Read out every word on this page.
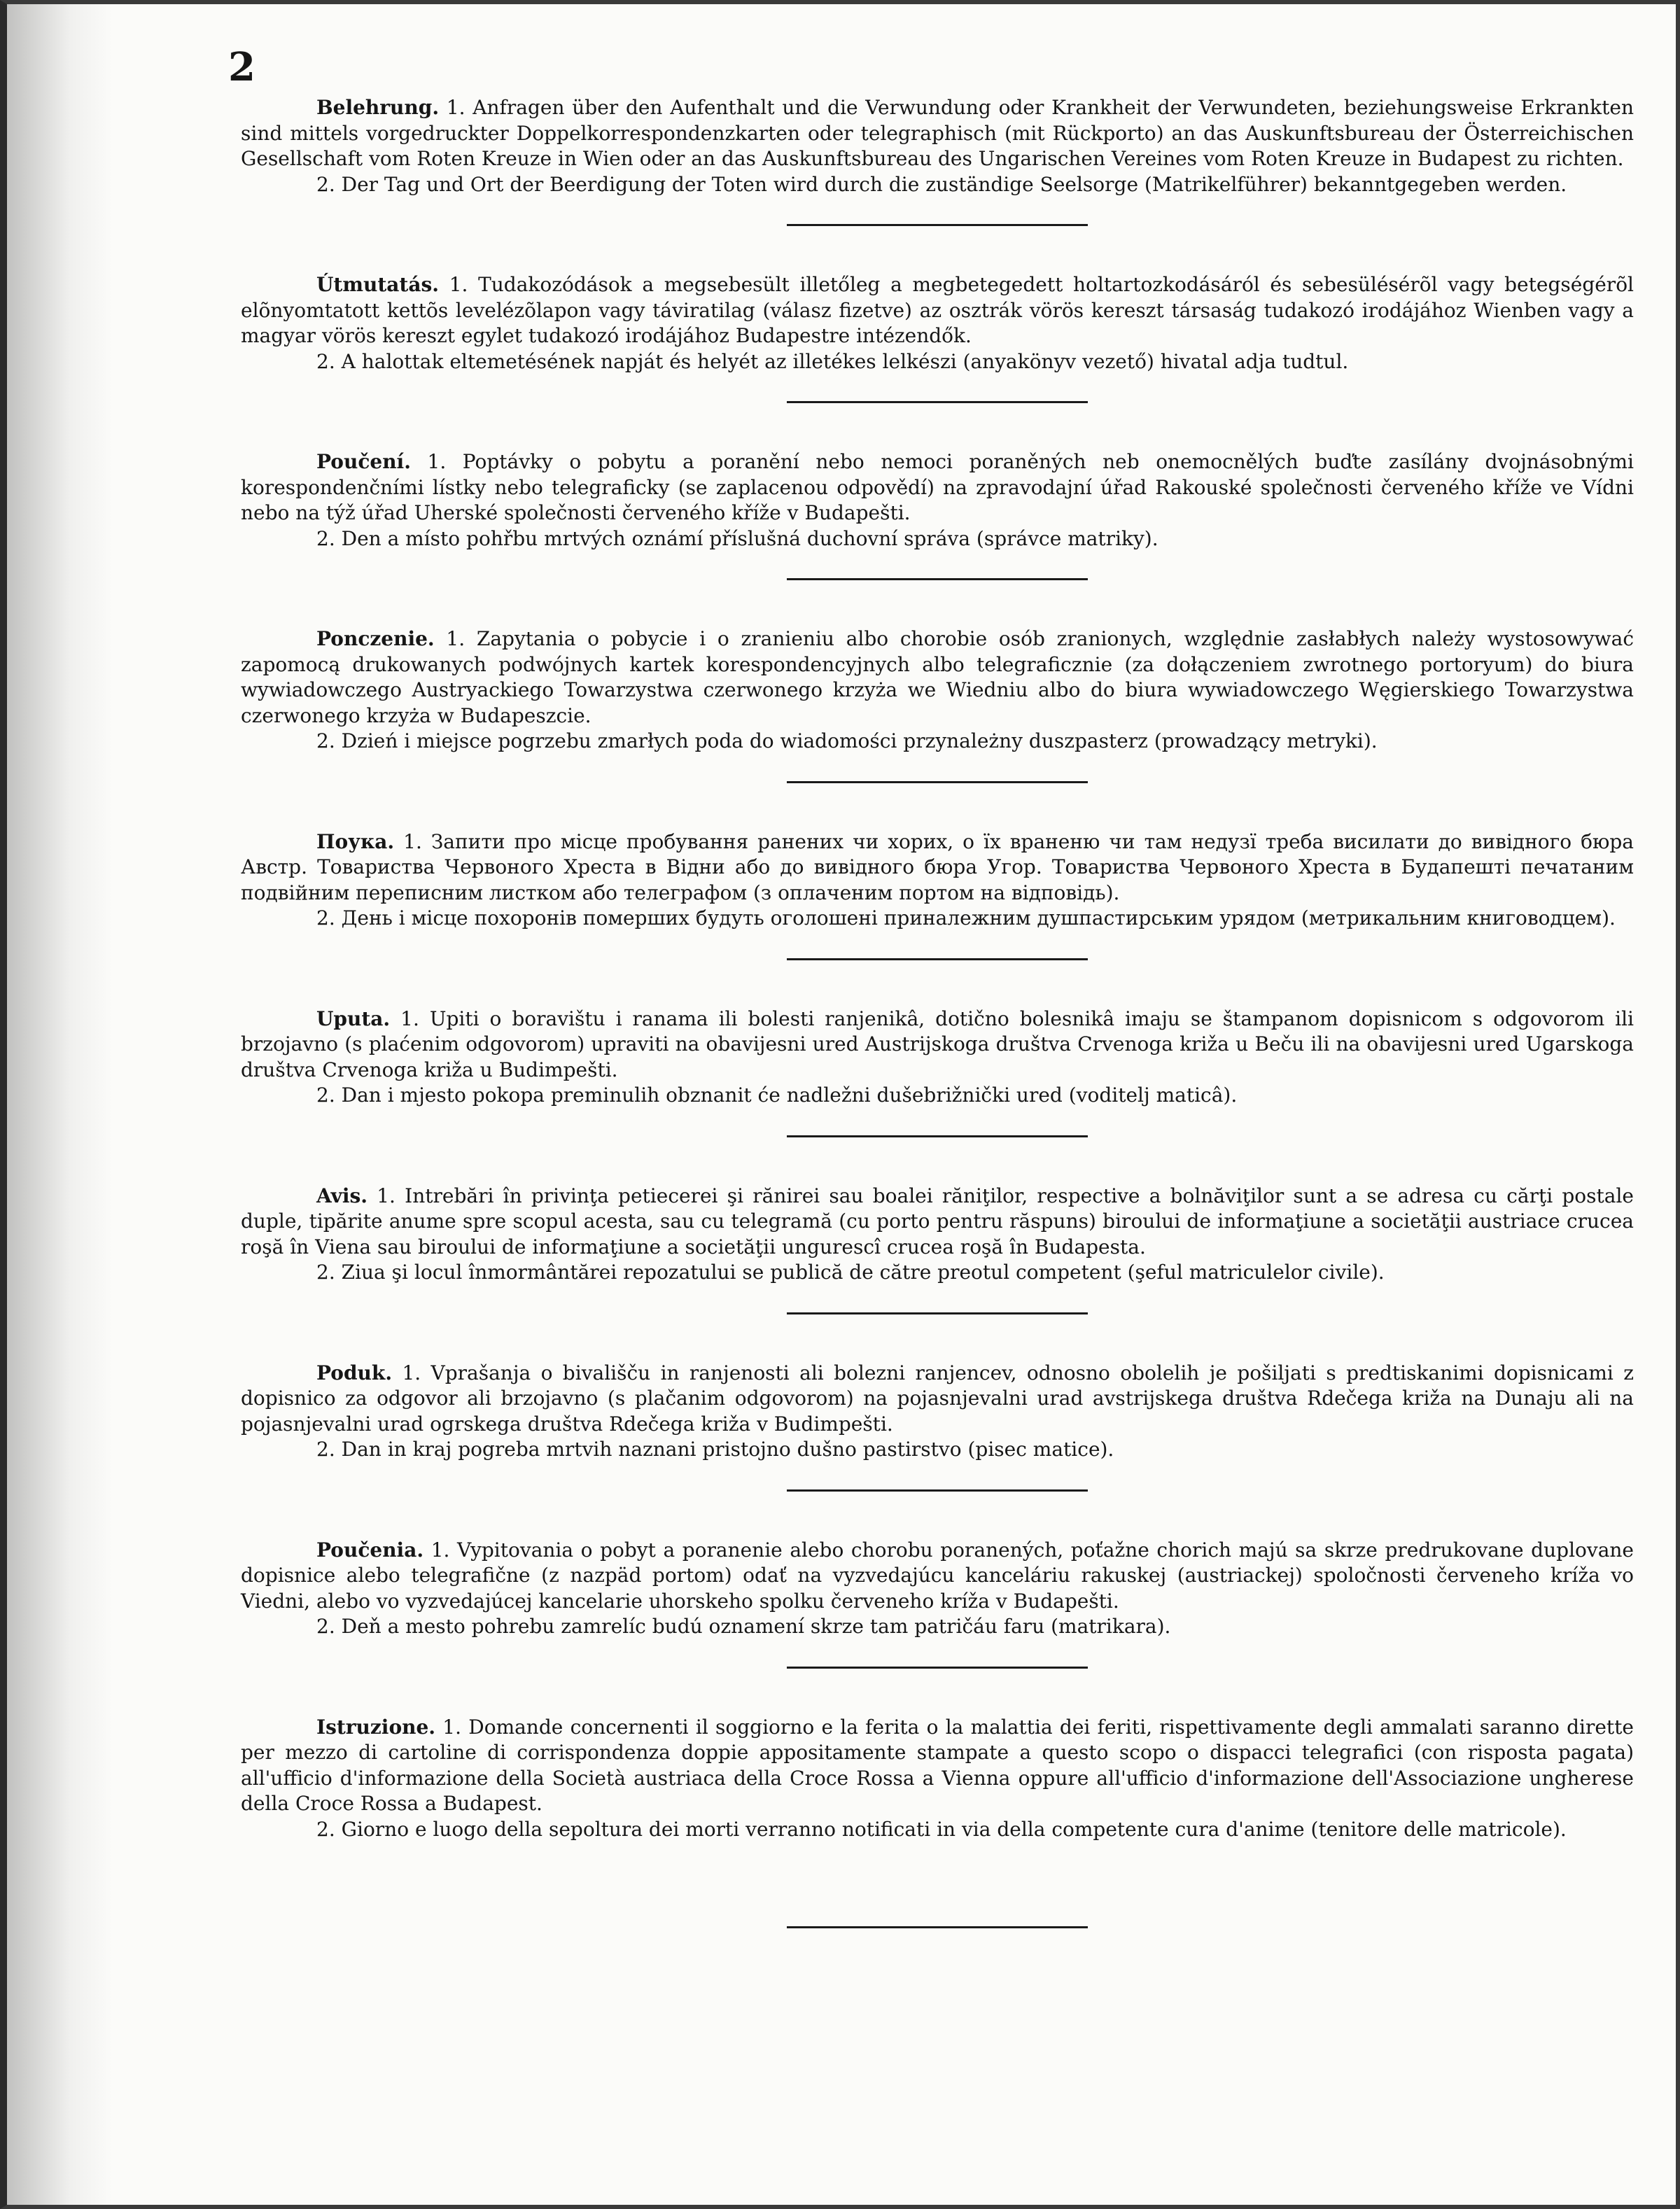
2

Belehrung. 1. Anfragen über den Aufenthalt und die Verwundung oder Krankheit der Verwundeten, beziehungsweise Erkrankten sind mittels vorgedruckter Doppelkorrespondenzkarten oder telegraphisch (mit Rückporto) an das Auskunftsbureau der Österreichischen Gesellschaft vom Roten Kreuze in Wien oder an das Auskunftsbureau des Ungarischen Vereines vom Roten Kreuze in Budapest zu richten.

2. Der Tag und Ort der Beerdigung der Toten wird durch die zuständige Seelsorge (Matrikelführer) bekanntgegeben werden.

Útmutatás. 1. Tudakozódások a megsebesült illetőleg a megbetegedett holtartozkodásáról és sebesülésérõl vagy betegségérõl elõnyomtatott kettõs levelézõlapon vagy táviratilag (válasz fizetve) az osztrák vörös kereszt társaság tudakozó irodájához Wienben vagy a magyar vörös kereszt egylet tudakozó irodájához Budapestre intézendők.

2. A halottak eltemetésének napját és helyét az illetékes lelkészi (anyakönyv vezető) hivatal adja tudtul.

Poučení. 1. Poptávky o pobytu a poranění nebo nemoci poraněných neb onemocnělých buďte zasílány dvojnásobnými korespondenčními lístky nebo telegraficky (se zaplacenou odpovědí) na zpravodajní úřad Rakouské společnosti červeného kříže ve Vídni nebo na týž úřad Uherské společnosti červeného kříže v Budapešti.

2. Den a místo pohřbu mrtvých oznámí příslušná duchovní správa (správce matriky).

Ponczenie. 1. Zapytania o pobycie i o zranieniu albo chorobie osób zranionych, względnie zasłabłych należy wystosowywać zapomocą drukowanych podwójnych kartek korespondencyjnych albo telegraficznie (za dołączeniem zwrotnego portoryum) do biura wywiadowczego Austryackiego Towarzystwa czerwonego krzyża we Wiedniu albo do biura wywiadowczego Węgierskiego Towarzystwa czerwonego krzyża w Budapeszcie.

2. Dzień i miejsce pogrzebu zmarłych poda do wiadomości przynależny duszpasterz (prowadzący metryki).

Поука. 1. Запити про місце пробування ранених чи хорих, о їх враненю чи там недузї треба висилати до вивідного бюра Австр. Товариства Червоного Хреста в Відни або до вивідного бюра Угор. Товариства Червоного Хреста в Будапешті печатаним подвійним переписним листком або телеграфом (з оплаченим портом на відповідь).

2. День і місце похоронів померших будуть оголошені приналежним душпастирським урядом (метрикальним книговодцем).

Uputa. 1. Upiti o boravištu i ranama ili bolesti ranjenikâ, dotično bolesnikâ imaju se štampanom dopisnicom s odgovorom ili brzojavno (s plaćenim odgovorom) upraviti na obavijesni ured Austrijskoga društva Crvenoga križa u Beču ili na obavijesni ured Ugarskoga društva Crvenoga križa u Budimpešti.

2. Dan i mjesto pokopa preminulih obznanit će nadležni dušebrižnički ured (voditelj maticâ).

Avis. 1. Intrebări în privinţa petiecerei şi rănirei sau boalei răniţilor, respective a bolnăviţilor sunt a se adresa cu cărţi postale duple, tipărite anume spre scopul acesta, sau cu telegramă (cu porto pentru răspuns) biroului de informaţiune a societăţii austriace crucea roşă în Viena sau biroului de informaţiune a societăţii ungurescî crucea roşă în Budapesta.

2. Ziua şi locul înmormântărei repozatului se publică de către preotul competent (şeful matriculelor civile).

Poduk. 1. Vprašanja o bivališču in ranjenosti ali bolezni ranjencev, odnosno obolelih je pošiljati s predtiskanimi dopisnicami z dopisnico za odgovor ali brzojavno (s plačanim odgovorom) na pojasnjevalni urad avstrijskega društva Rdečega križa na Dunaju ali na pojasnjevalni urad ogrskega društva Rdečega križa v Budimpešti.

2. Dan in kraj pogreba mrtvih naznani pristojno dušno pastirstvo (pisec matice).

Poučenia. 1. Vypitovania o pobyt a poranenie alebo chorobu poranených, poťažne chorich majú sa skrze predrukovane duplovane dopisnice alebo telegrafične (z nazpäd portom) odať na vyzvedajúcu kanceláriu rakuskej (austriackej) spoločnosti červeneho kríža vo Viedni, alebo vo vyzvedajúcej kancelarie uhorskeho spolku červeneho kríža v Budapešti.

2. Deň a mesto pohrebu zamrelíc budú oznamení skrze tam patričáu faru (matrikara).

Istruzione. 1. Domande concernenti il soggiorno e la ferita o la malattia dei feriti, rispettivamente degli ammalati saranno dirette per mezzo di cartoline di corrispondenza doppie appositamente stampate a questo scopo o dispacci telegrafici (con risposta pagata) all'ufficio d'informazione della Società austriaca della Croce Rossa a Vienna oppure all'ufficio d'informazione dell'Associazione ungherese della Croce Rossa a Budapest.

2. Giorno e luogo della sepoltura dei morti verranno notificati in via della competente cura d'anime (tenitore delle matricole).
